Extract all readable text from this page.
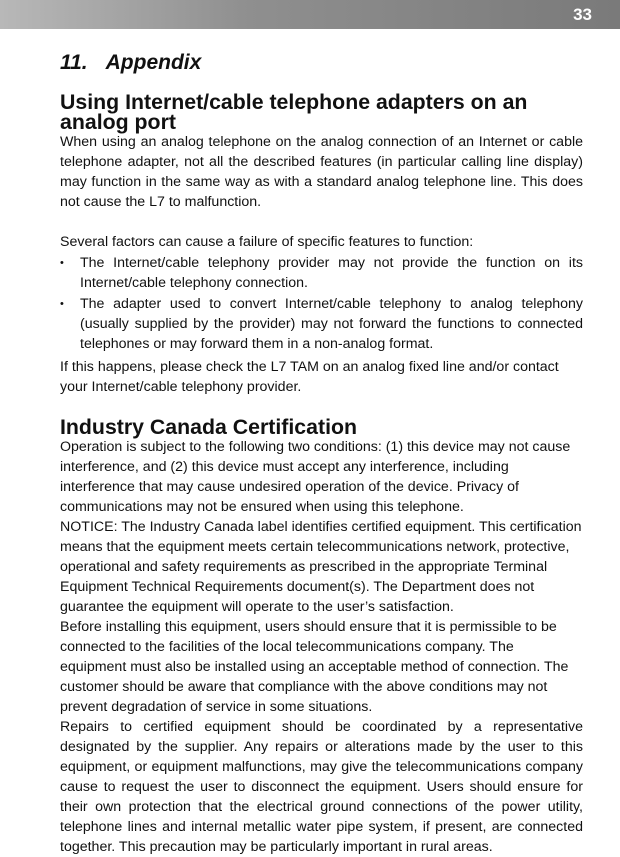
33
11. Appendix
Using Internet/cable telephone adapters on an analog port

When using an analog telephone on the analog connection of an Internet or cable telephone adapter, not all the described features (in particular calling line display) may function in the same way as with a standard analog telephone line. This does not cause the L7 to malfunction.

Several factors can cause a failure of specific features to function:

•	The Internet/cable telephony provider may not provide the function on its Internet/cable telephony connection.
•	The adapter used to convert Internet/cable telephony to analog telephony (usually supplied by the provider) may not forward the functions to connected telephones or may forward them in a non-analog format.

If this happens, please check the L7 TAM on an analog fixed line and/or contact your Internet/cable telephony provider.

Industry Canada Certification

Operation is subject to the following two conditions: (1) this device may not cause interference, and (2) this device must accept any interference, including interference that may cause undesired operation of the device. Privacy of communications may not be ensured when using this telephone.

NOTICE: The Industry Canada label identifies certified equipment. This certification means that the equipment meets certain telecommunications network, protective, operational and safety requirements as prescribed in the appropriate Terminal Equipment Technical Requirements document(s). The Department does not guarantee the equipment will operate to the user’s satisfaction.

Before installing this equipment, users should ensure that it is permissible to be connected to the facilities of the local telecommunications company. The equipment must also be installed using an acceptable method of connection. The customer should be aware that compliance with the above conditions may not prevent degradation of service in some situations.

Repairs to certified equipment should be coordinated by a representative designated by the supplier. Any repairs or alterations made by the user to this equipment, or equipment malfunctions, may give the telecommunications company cause to request the user to disconnect the equipment. Users should ensure for their own protection that the electrical ground connections of the power utility, telephone lines and internal metallic water pipe system, if present, are connected together. This precaution may be particularly important in rural areas.
